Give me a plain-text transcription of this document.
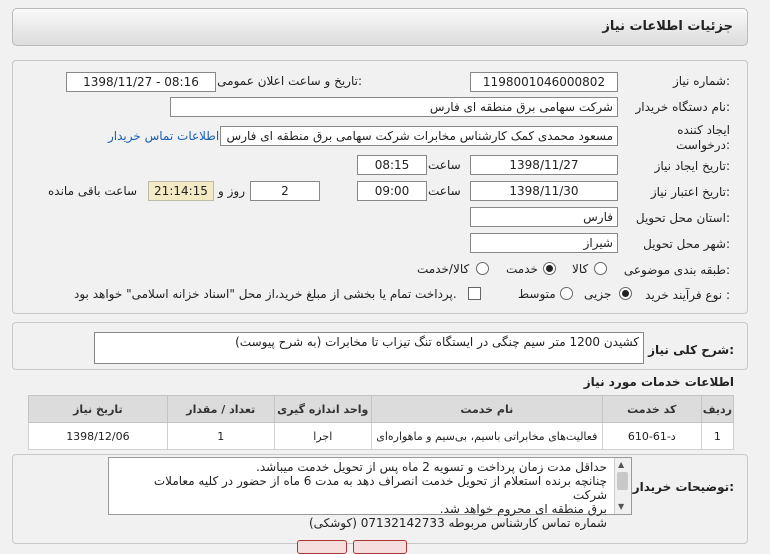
جزئیات اطلاعات نیاز
شماره نیاز:
1198001046000802
تاریخ و ساعت اعلان عمومی:
1398/11/27 - 08:16
نام دستگاه خریدار:
شرکت سهامی برق منطقه ای فارس
ایجاد کننده
درخواست:
مسعود محمدی کمک کارشناس مخابرات شرکت سهامی برق منطقه ای فارس
اطلاعات تماس خریدار
تاریخ ایجاد نیاز:
1398/11/27
ساعت
08:15
تاریخ اعتبار نیاز:
1398/11/30
ساعت
09:00
2
روز و
21:14:15
ساعت باقی مانده
استان محل تحویل:
فارس
شهر محل تحویل:
شیراز
طبقه بندی موضوعی:
کالا
خدمت
کالا/خدمت
نوع فرآیند خرید :
جزیی
متوسط
پرداخت تمام یا بخشی از مبلغ خرید،از محل "اسناد خزانه اسلامی" خواهد بود.
شرح کلی نیاز:
کشیدن 1200 متر سیم چنگی در ایستگاه تنگ تیزاب تا مخابرات (به شرح پیوست)
اطلاعات خدمات مورد نیاز
ردیف	کد خدمت	نام خدمت	واحد اندازه گیری	تعداد / مقدار	تاریخ نیاز
1	د-61-610	فعالیت‌های مخابراتی باسیم، بی‌سیم و ماهواره‌ای	اجرا	1	1398/12/06
توضیحات خریدار:
حداقل مدت زمان پرداخت و تسویه 2 ماه پس از تحویل خدمت میباشد.
چنانچه برنده استعلام از تحویل خدمت انصراف دهد به مدت 6 ماه از حضور در کلیه معاملات شرکت
برق منطقه ای محروم خواهد شد.
شماره تماس کارشناس مربوطه 07132142733 (کوشکی)
▲
▼
